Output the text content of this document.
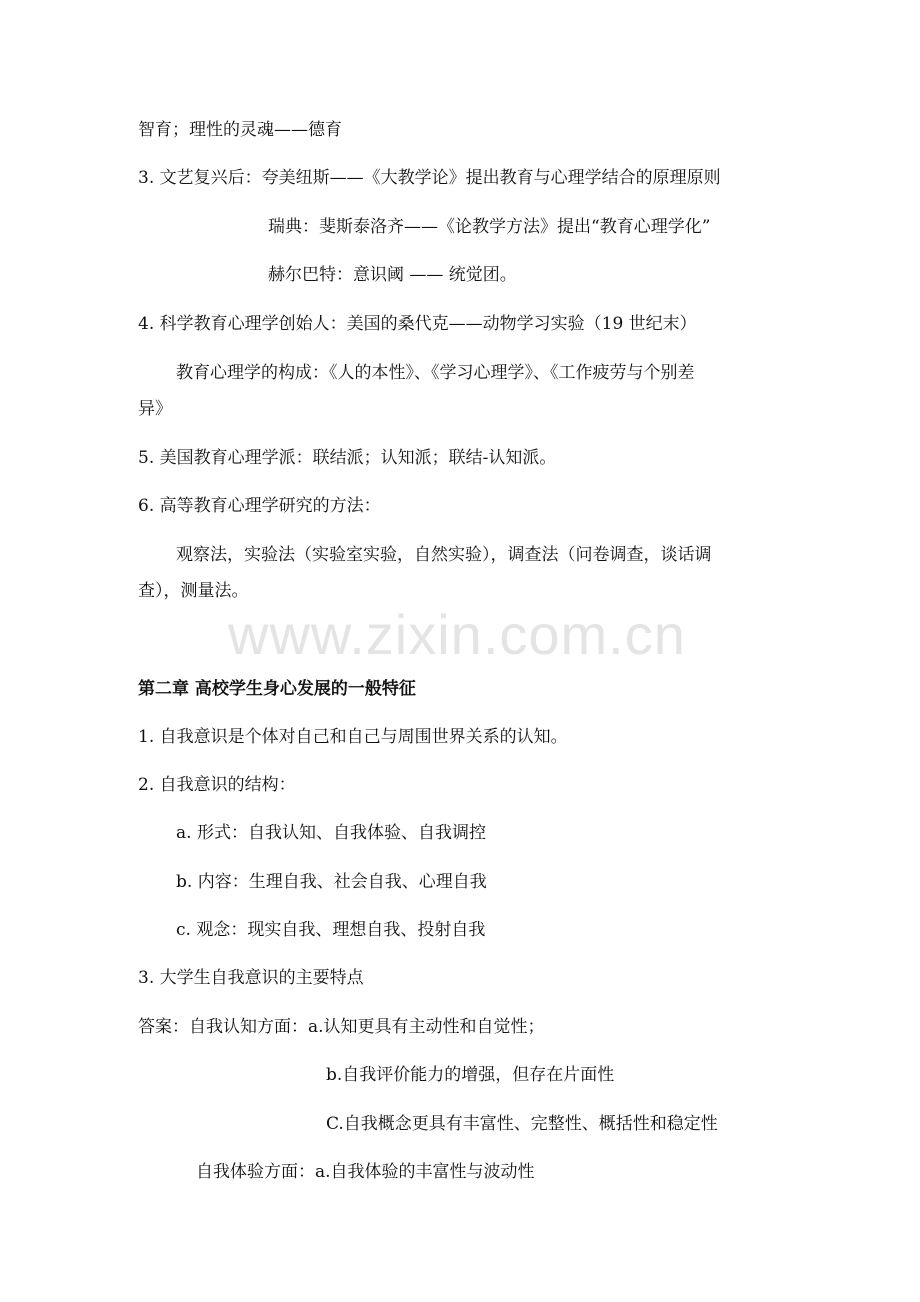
智育；理性的灵魂——德育
3. 文艺复兴后：夸美纽斯——《大教学论》提出教育与心理学结合的原理原则
瑞典：斐斯泰洛齐——《论教学方法》提出“教育心理学化”
赫尔巴特：意识阈 —— 统觉团。
4. 科学教育心理学创始人：美国的桑代克——动物学习实验（19 世纪末）
教育心理学的构成：《人的本性》、《学习心理学》、《工作疲劳与个别差
异》
5. 美国教育心理学派：联结派；认知派；联结-认知派。
6. 高等教育心理学研究的方法：
观察法，实验法（实验室实验，自然实验），调查法（问卷调查，谈话调
查），测量法。
www.zixin.com.cn
第二章 高校学生身心发展的一般特征
1. 自我意识是个体对自己和自己与周围世界关系的认知。
2. 自我意识的结构：
a. 形式：自我认知、自我体验、自我调控
b. 内容：生理自我、社会自我、心理自我
c. 观念：现实自我、理想自我、投射自我
3. 大学生自我意识的主要特点
答案：自我认知方面：a.认知更具有主动性和自觉性；
b.自我评价能力的增强，但存在片面性
C.自我概念更具有丰富性、完整性、概括性和稳定性
自我体验方面：a.自我体验的丰富性与波动性
